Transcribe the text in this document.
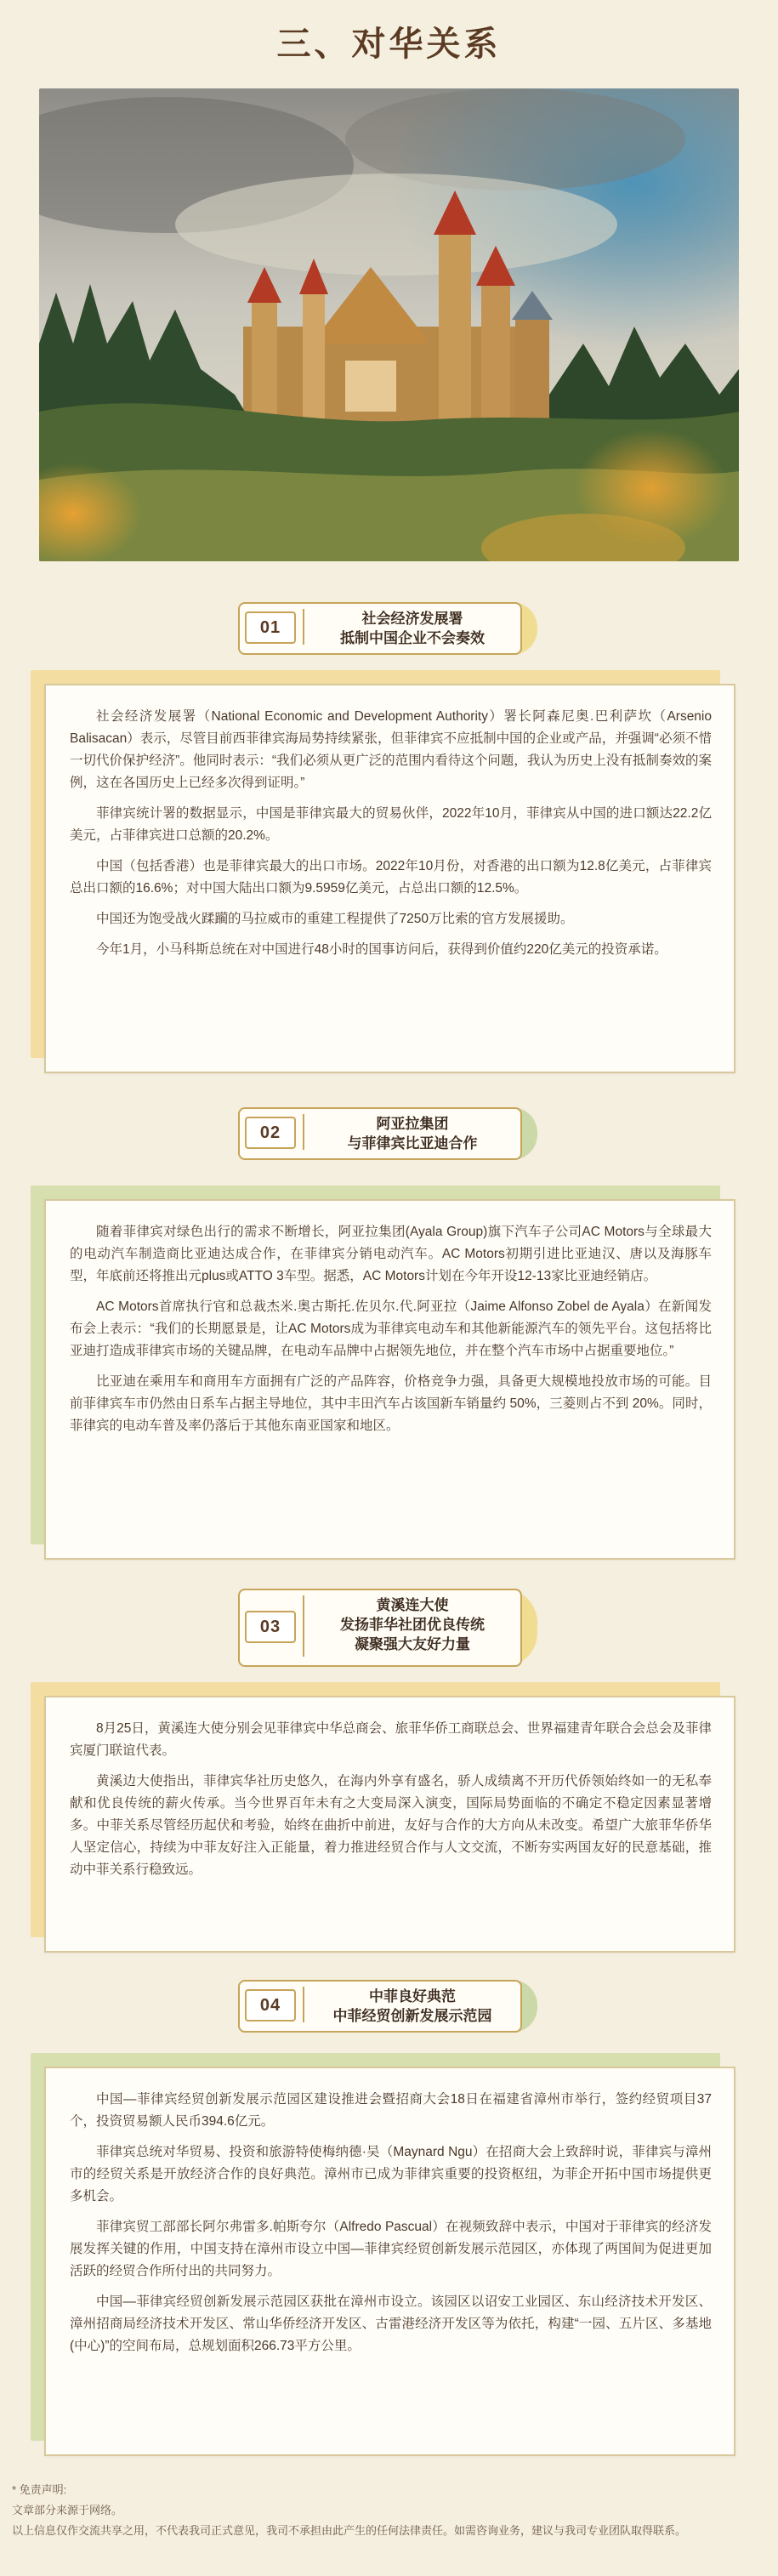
三、对华关系
01	社会经济发展署
抵制中国企业不会奏效

社会经济发展署（National Economic and Development Authority）署长阿森尼奥.巴利萨坎（Arsenio Balisacan）表示，尽管目前西菲律宾海局势持续紧张，但菲律宾不应抵制中国的企业或产品，并强调“必须不惜一切代价保护经济”。他同时表示：“我们必须从更广泛的范围内看待这个问题，我认为历史上没有抵制奏效的案例，这在各国历史上已经多次得到证明。”

菲律宾统计署的数据显示，中国是菲律宾最大的贸易伙伴，2022年10月，菲律宾从中国的进口额达22.2亿美元，占菲律宾进口总额的20.2%。

中国（包括香港）也是菲律宾最大的出口市场。2022年10月份，对香港的出口额为12.8亿美元，占菲律宾总出口额的16.6%；对中国大陆出口额为9.5959亿美元，占总出口额的12.5%。

中国还为饱受战火蹂躏的马拉威市的重建工程提供了7250万比索的官方发展援助。

今年1月，小马科斯总统在对中国进行48小时的国事访问后，获得到价值约220亿美元的投资承诺。

02	阿亚拉集团
与菲律宾比亚迪合作

随着菲律宾对绿色出行的需求不断增长，阿亚拉集团(Ayala Group)旗下汽车子公司AC Motors与全球最大的电动汽车制造商比亚迪达成合作，在菲律宾分销电动汽车。AC Motors初期引进比亚迪汉、唐以及海豚车型，年底前还将推出元plus或ATTO 3车型。据悉，AC Motors计划在今年开设12-13家比亚迪经销店。

AC Motors首席执行官和总裁杰米.奥古斯托.佐贝尔.代.阿亚拉（Jaime Alfonso Zobel de Ayala）在新闻发布会上表示：“我们的长期愿景是，让AC Motors成为菲律宾电动车和其他新能源汽车的领先平台。这包括将比亚迪打造成菲律宾市场的关键品牌，在电动车品牌中占据领先地位，并在整个汽车市场中占据重要地位。”

比亚迪在乘用车和商用车方面拥有广泛的产品阵容，价格竞争力强，具备更大规模地投放市场的可能。目前菲律宾车市仍然由日系车占据主导地位，其中丰田汽车占该国新车销量约 50%，三菱则占不到 20%。同时，菲律宾的电动车普及率仍落后于其他东南亚国家和地区。

03
黄溪连大使
发扬菲华社团优良传统
凝聚强大友好力量

8月25日，黄溪连大使分别会见菲律宾中华总商会、旅菲华侨工商联总会、世界福建青年联合会总会及菲律宾厦门联谊代表。

黄溪边大使指出，菲律宾华社历史悠久，在海内外享有盛名，骄人成绩离不开历代侨领始终如一的无私奉献和优良传统的薪火传承。当今世界百年未有之大变局深入演变，国际局势面临的不确定不稳定因素显著增多。中菲关系尽管经历起伏和考验，始终在曲折中前进，友好与合作的大方向从未改变。希望广大旅菲华侨华人坚定信心，持续为中菲友好注入正能量，着力推进经贸合作与人文交流，不断夯实两国友好的民意基础，推动中菲关系行稳致远。

04	中菲良好典范
中菲经贸创新发展示范园

中国—菲律宾经贸创新发展示范园区建设推进会暨招商大会18日在福建省漳州市举行，签约经贸项目37个，投资贸易额人民币394.6亿元。

菲律宾总统对华贸易、投资和旅游特使梅纳德·吴（Maynard Ngu）在招商大会上致辞时说，菲律宾与漳州市的经贸关系是开放经济合作的良好典范。漳州市已成为菲律宾重要的投资枢纽，为菲企开拓中国市场提供更多机会。

菲律宾贸工部部长阿尔弗雷多.帕斯夸尔（Alfredo Pascual）在视频致辞中表示，中国对于菲律宾的经济发展发挥关键的作用，中国支持在漳州市设立中国—菲律宾经贸创新发展示范园区，亦体现了两国间为促进更加活跃的经贸合作所付出的共同努力。

中国—菲律宾经贸创新发展示范园区获批在漳州市设立。该园区以诏安工业园区、东山经济技术开发区、漳州招商局经济技术开发区、常山华侨经济开发区、古雷港经济开发区等为依托，构建“一园、五片区、多基地(中心)”的空间布局，总规划面积266.73平方公里。

* 免责声明:
文章部分来源于网络。
以上信息仅作交流共享之用，不代表我司正式意见，我司不承担由此产生的任何法律责任。如需咨询业务，建议与我司专业团队取得联系。
